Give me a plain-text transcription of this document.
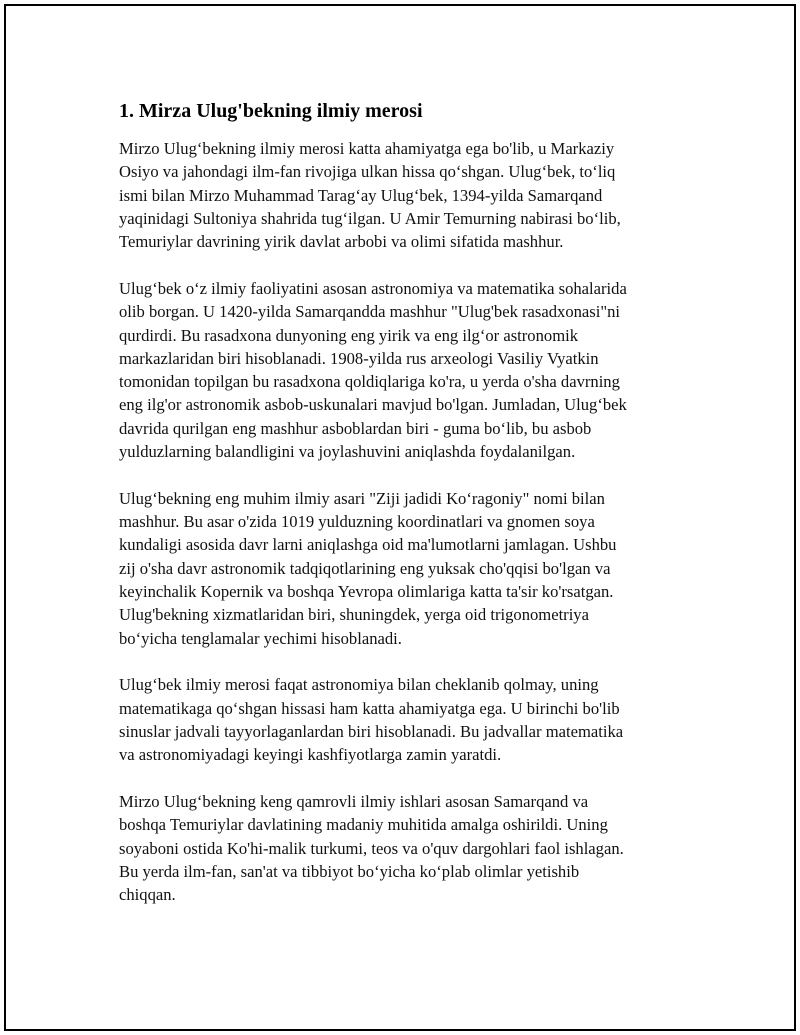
1. Mirza Ulug'bekning ilmiy merosi

Mirzo Ulug‘bekning ilmiy merosi katta ahamiyatga ega bo'lib, u Markaziy
Osiyo va jahondagi ilm-fan rivojiga ulkan hissa qo‘shgan. Ulug‘bek, to‘liq
ismi bilan Mirzo Muhammad Tarag‘ay Ulug‘bek, 1394-yilda Samarqand
yaqinidagi Sultoniya shahrida tug‘ilgan. U Amir Temurning nabirasi bo‘lib,
Temuriylar davrining yirik davlat arbobi va olimi sifatida mashhur.

Ulug‘bek o‘z ilmiy faoliyatini asosan astronomiya va matematika sohalarida
olib borgan. U 1420-yilda Samarqandda mashhur "Ulug'bek rasadxonasi"ni
qurdirdi. Bu rasadxona dunyoning eng yirik va eng ilg‘or astronomik
markazlaridan biri hisoblanadi. 1908-yilda rus arxeologi Vasiliy Vyatkin
tomonidan topilgan bu rasadxona qoldiqlariga ko'ra, u yerda o'sha davrning
eng ilg'or astronomik asbob-uskunalari mavjud bo'lgan. Jumladan, Ulug‘bek
davrida qurilgan eng mashhur asboblardan biri - guma bo‘lib, bu asbob
yulduzlarning balandligini va joylashuvini aniqlashda foydalanilgan.

Ulug‘bekning eng muhim ilmiy asari "Ziji jadidi Ko‘ragoniy" nomi bilan
mashhur. Bu asar o'zida 1019 yulduzning koordinatlari va gnomen soya
kundaligi asosida davr larni aniqlashga oid ma'lumotlarni jamlagan. Ushbu
zij o'sha davr astronomik tadqiqotlarining eng yuksak cho'qqisi bo'lgan va
keyinchalik Kopernik va boshqa Yevropa olimlariga katta ta'sir ko'rsatgan.
Ulug'bekning xizmatlaridan biri, shuningdek, yerga oid trigonometriya
bo‘yicha tenglamalar yechimi hisoblanadi.

Ulug‘bek ilmiy merosi faqat astronomiya bilan cheklanib qolmay, uning
matematikaga qo‘shgan hissasi ham katta ahamiyatga ega. U birinchi bo'lib
sinuslar jadvali tayyorlaganlardan biri hisoblanadi. Bu jadvallar matematika
va astronomiyadagi keyingi kashfiyotlarga zamin yaratdi.

Mirzo Ulug‘bekning keng qamrovli ilmiy ishlari asosan Samarqand va
boshqa Temuriylar davlatining madaniy muhitida amalga oshirildi. Uning
soyaboni ostida Ko'hi-malik turkumi, teos va o'quv dargohlari faol ishlagan.
Bu yerda ilm-fan, san'at va tibbiyot bo‘yicha ko‘plab olimlar yetishib
chiqqan.
